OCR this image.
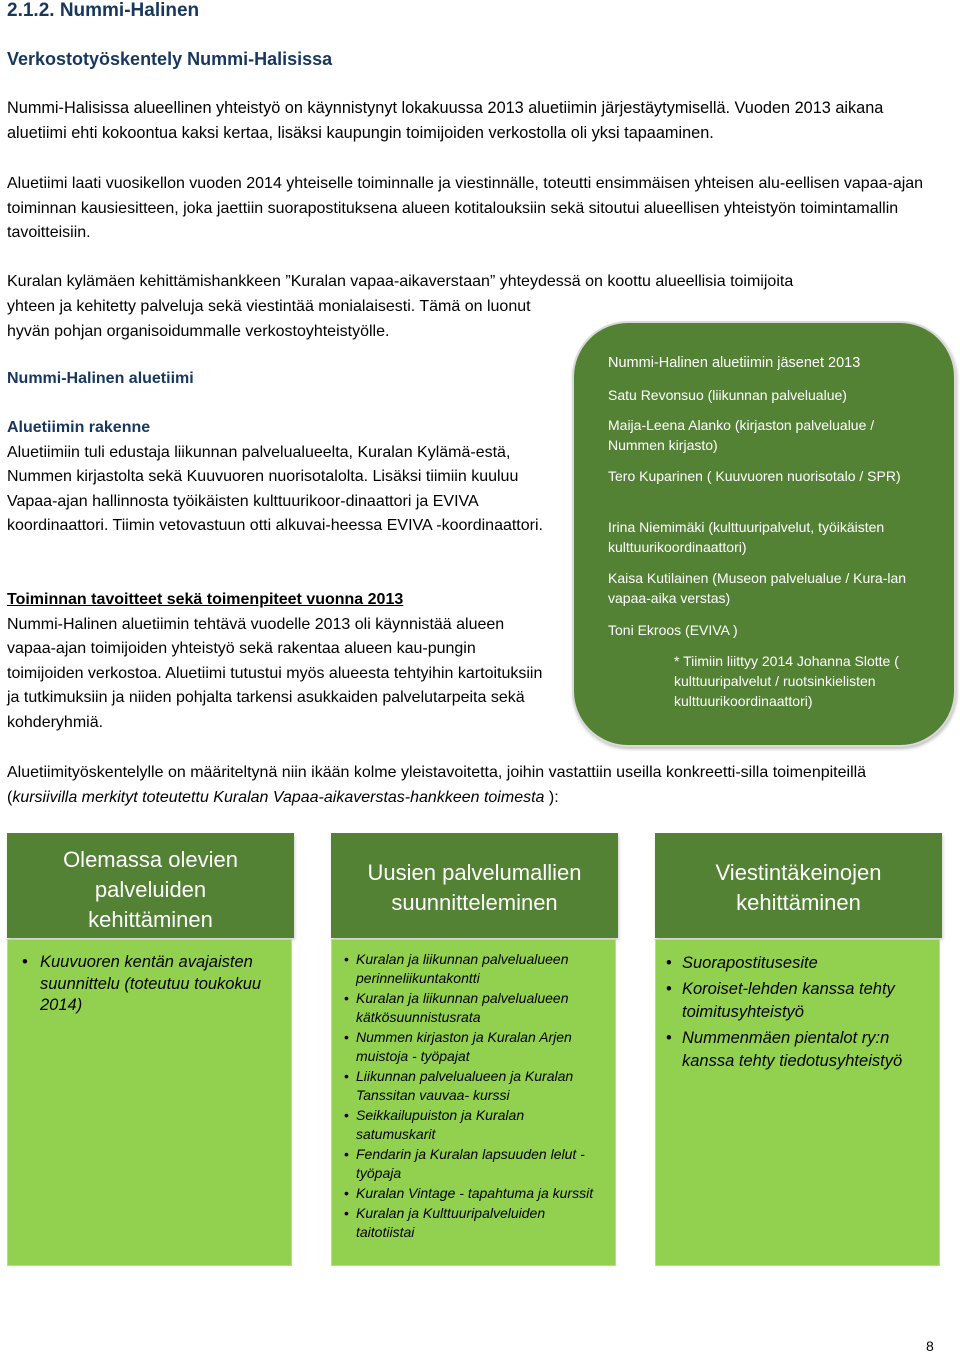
2.1.2. Nummi-Halinen
Verkostotyöskentely Nummi-Halisissa

Nummi-Halisissa alueellinen yhteistyö on käynnistynyt lokakuussa 2013 aluetiimin järjestäytymisellä. Vuoden 2013 aikana aluetiimi ehti kokoontua kaksi kertaa, lisäksi kaupungin toimijoiden verkostolla oli yksi tapaaminen.

Aluetiimi laati vuosikellon vuoden 2014 yhteiselle toiminnalle ja viestinnälle, toteutti ensimmäisen yhteisen alu-eellisen vapaa-ajan toiminnan kausiesitteen, joka jaettiin suorapostituksena alueen kotitalouksiin sekä sitoutui alueellisen yhteistyön toimintamallin tavoitteisiin.

Kuralan kylämäen kehittämishankkeen ”Kuralan vapaa-aikaverstaan” yhteydessä on koottu alueellisia toimijoita

yhteen ja kehitetty palveluja sekä viestintää monialaisesti. Tämä on luonut hyvän pohjan organisoidummalle verkostoyhteistyölle.

Nummi-Halinen aluetiimi
Aluetiimin rakenne
Aluetiimiin tuli edustaja liikunnan palvelualueelta, Kuralan Kylämä-estä, Nummen kirjastolta sekä Kuuvuoren nuorisotalolta. Lisäksi tiimiin kuuluu Vapaa-ajan hallinnosta työikäisten kulttuurikoor-dinaattori ja EVIVA koordinaattori. Tiimin vetovastuun otti alkuvai-heessa EVIVA -koordinaattori.
Toiminnan tavoitteet sekä toimenpiteet vuonna 2013
Nummi-Halinen aluetiimin tehtävä vuodelle 2013 oli käynnistää alueen vapaa-ajan toimijoiden yhteistyö sekä rakentaa alueen kau-pungin toimijoiden verkostoa. Aluetiimi tutustui myös alueesta tehtyihin kartoituksiin ja tutkimuksiin ja niiden pohjalta tarkensi asukkaiden palvelutarpeita sekä kohderyhmiä.
Nummi-Halinen aluetiimin jäsenet 2013
Satu Revonsuo (liikunnan palvelualue)
Maija-Leena Alanko (kirjaston palvelualue / Nummen kirjasto)
Tero Kuparinen ( Kuuvuoren nuorisotalo / SPR)
Irina Niemimäki (kulttuuripalvelut, työikäisten kulttuurikoordinaattori)
Kaisa Kutilainen (Museon palvelualue / Kura-lan vapaa-aika verstas)
Toni Ekroos (EVIVA )
* Tiimiin liittyy 2014 Johanna Slotte ( kulttuuripalvelut / ruotsinkielisten kulttuurikoordinaattori)
Aluetiimityöskentelylle on määriteltynä niin ikään kolme yleistavoitetta, joihin vastattiin useilla konkreetti-silla toimenpiteillä (kursiivilla merkityt toteutettu Kuralan Vapaa-aikaverstas-hankkeen toimesta ):
Olemassa olevien palveluiden kehittäminen
• Kuuvuoren kentän avajaisten suunnittelu (toteutuu toukokuu 2014)
Uusien palvelumallien suunnitteleminen
• Kuralan ja liikunnan palvelualueen perinneliikuntakontti
• Kuralan ja liikunnan palvelualueen kätkösuunnistusrata
• Nummen kirjaston ja Kuralan Arjen muistoja - työpajat
• Liikunnan palvelualueen ja Kuralan Tanssitan vauvaa- kurssi
• Seikkailupuiston ja Kuralan satumuskarit
• Fendarin ja Kuralan lapsuuden lelut - työpaja
• Kuralan Vintage - tapahtuma ja kurssit
• Kuralan ja Kulttuuripalveluiden taitotiistai
Viestintäkeinojen kehittäminen
• Suorapostitusesite
• Koroiset-lehden kanssa tehty toimitusyhteistyö
• Nummenmäen pientalot ry:n kanssa tehty tiedotusyhteistyö
8
